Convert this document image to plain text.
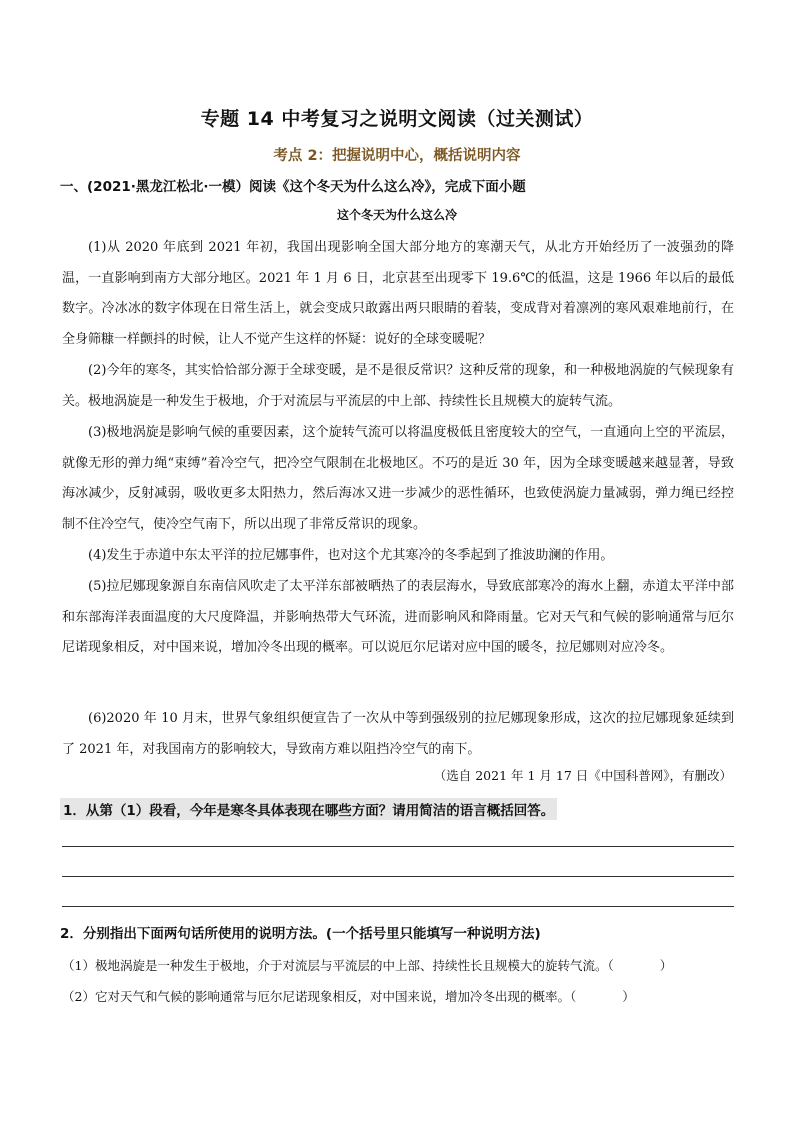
专题 14 中考复习之说明文阅读（过关测试）
考点 2：把握说明中心，概括说明内容
一、(2021·黑龙江松北·一模）阅读《这个冬天为什么这么冷》，完成下面小题
这个冬天为什么这么冷

(1)从 2020 年底到 2021 年初，我国出现影响全国大部分地方的寒潮天气，从北方开始经历了一波强劲的降温，一直影响到南方大部分地区。2021 年 1 月 6 日，北京甚至出现零下 19.6℃的低温，这是 1966 年以后的最低数字。冷冰冰的数字体现在日常生活上，就会变成只敢露出两只眼睛的着装，变成背对着凛冽的寒风艰难地前行，在全身筛糠一样颤抖的时候，让人不觉产生这样的怀疑：说好的全球变暖呢？

(2)今年的寒冬，其实恰恰部分源于全球变暖，是不是很反常识？这种反常的现象，和一种极地涡旋的气候现象有关。极地涡旋是一种发生于极地，介于对流层与平流层的中上部、持续性长且规模大的旋转气流。

(3)极地涡旋是影响气候的重要因素，这个旋转气流可以将温度极低且密度较大的空气，一直通向上空的平流层，就像无形的弹力绳“束缚”着冷空气，把冷空气限制在北极地区。不巧的是近 30 年，因为全球变暖越来越显著，导致海冰减少，反射减弱，吸收更多太阳热力，然后海冰又进一步减少的恶性循环，也致使涡旋力量减弱，弹力绳已经控制不住冷空气，使冷空气南下，所以出现了非常反常识的现象。

(4)发生于赤道中东太平洋的拉尼娜事件，也对这个尤其寒冷的冬季起到了推波助澜的作用。

(5)拉尼娜现象源自东南信风吹走了太平洋东部被晒热了的表层海水，导致底部寒冷的海水上翻，赤道太平洋中部和东部海洋表面温度的大尺度降温，并影响热带大气环流，进而影响风和降雨量。它对天气和气候的影响通常与厄尔尼诺现象相反，对中国来说，增加冷冬出现的概率。可以说厄尔尼诺对应中国的暖冬，拉尼娜则对应冷冬。

(6)2020 年 10 月末，世界气象组织便宣告了一次从中等到强级别的拉尼娜现象形成，这次的拉尼娜现象延续到了 2021 年，对我国南方的影响较大，导致南方难以阻挡冷空气的南下。

（选自 2021 年 1 月 17 日《中国科普网》，有删改）
1．从第（1）段看，今年是寒冬具体表现在哪些方面？请用简洁的语言概括回答。
2．分别指出下面两句话所使用的说明方法。(一个括号里只能填写一种说明方法)
（1）极地涡旋是一种发生于极地，介于对流层与平流层的中上部、持续性长且规模大的旋转气流。（	）
（2）它对天气和气候的影响通常与厄尔尼诺现象相反，对中国来说，增加冷冬出现的概率。（	）
